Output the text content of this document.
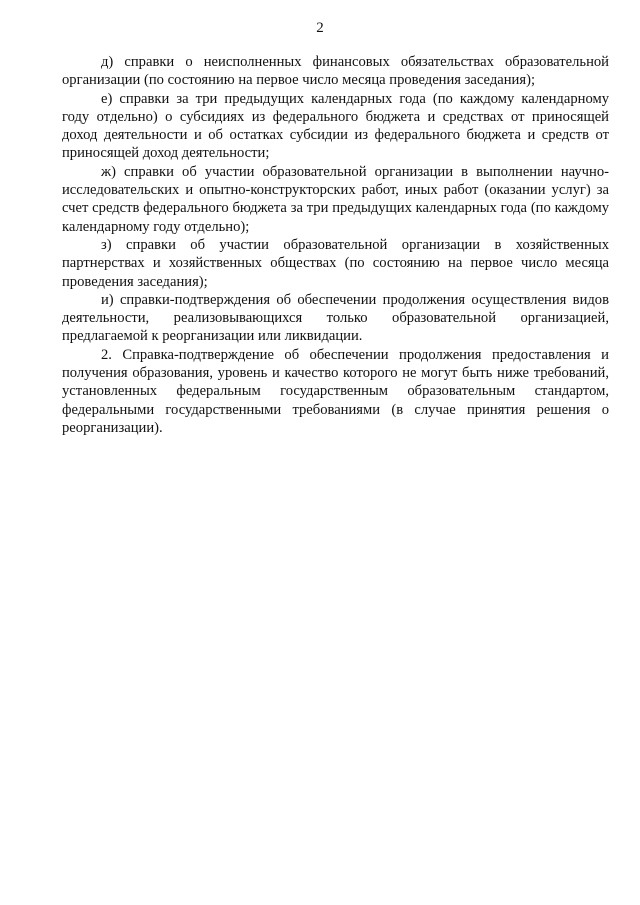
2

д) справки о неисполненных финансовых обязательствах образовательной организации (по состоянию на первое число месяца проведения заседания);

е) справки за три предыдущих календарных года (по каждому календарному году отдельно) о субсидиях из федерального бюджета и средствах от приносящей доход деятельности и об остатках субсидии из федерального бюджета и средств от приносящей доход деятельности;

ж) справки об участии образовательной организации в выполнении научно-исследовательских и опытно-конструкторских работ, иных работ (оказании услуг) за счет средств федерального бюджета за три предыдущих календарных года (по каждому календарному году отдельно);

з) справки об участии образовательной организации в хозяйственных партнерствах и хозяйственных обществах (по состоянию на первое число месяца проведения заседания);

и) справки-подтверждения об обеспечении продолжения осуществления видов деятельности, реализовывающихся только образовательной организацией, предлагаемой к реорганизации или ликвидации.

2. Справка-подтверждение об обеспечении продолжения предоставления и получения образования, уровень и качество которого не могут быть ниже требований, установленных федеральным государственным образовательным стандартом, федеральными государственными требованиями (в случае принятия решения о реорганизации).
